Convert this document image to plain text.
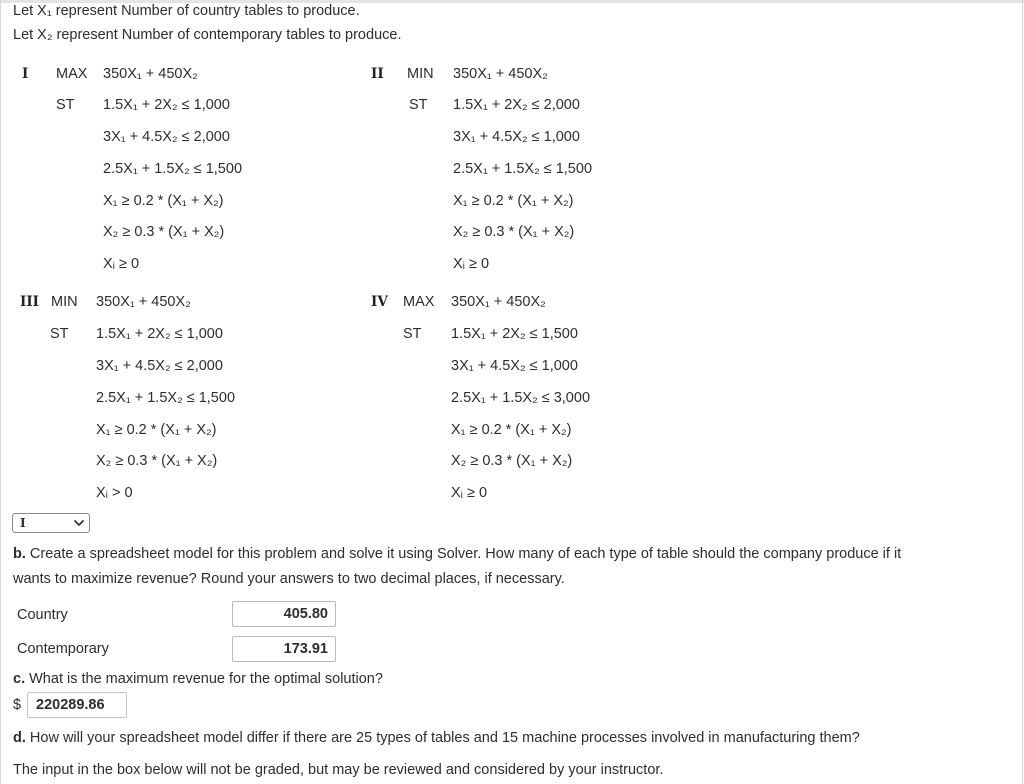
Let X₁ represent Number of country tables to produce.
Let X₂ represent Number of contemporary tables to produce.
I MAX 350X₁ + 450X₂
ST 1.5X₁ + 2X₂ ≤ 1,000
3X₁ + 4.5X₂ ≤ 2,000
2.5X₁ + 1.5X₂ ≤ 1,500
X₁ ≥ 0.2 * (X₁ + X₂)
X₂ ≥ 0.3 * (X₁ + X₂)
Xᵢ ≥ 0
II MIN 350X₁ + 450X₂
ST 1.5X₁ + 2X₂ ≤ 2,000
3X₁ + 4.5X₂ ≤ 1,000
2.5X₁ + 1.5X₂ ≤ 1,500
X₁ ≥ 0.2 * (X₁ + X₂)
X₂ ≥ 0.3 * (X₁ + X₂)
Xᵢ ≥ 0
III MIN 350X₁ + 450X₂
ST 1.5X₁ + 2X₂ ≤ 1,000
3X₁ + 4.5X₂ ≤ 2,000
2.5X₁ + 1.5X₂ ≤ 1,500
X₁ ≥ 0.2 * (X₁ + X₂)
X₂ ≥ 0.3 * (X₁ + X₂)
Xᵢ > 0
IV MAX 350X₁ + 450X₂
ST 1.5X₁ + 2X₂ ≤ 1,500
3X₁ + 4.5X₂ ≤ 1,000
2.5X₁ + 1.5X₂ ≤ 3,000
X₁ ≥ 0.2 * (X₁ + X₂)
X₂ ≥ 0.3 * (X₁ + X₂)
Xᵢ ≥ 0
I
b. Create a spreadsheet model for this problem and solve it using Solver. How many of each type of table should the company produce if it
wants to maximize revenue? Round your answers to two decimal places, if necessary.
Country	405.80
Contemporary	173.91
c. What is the maximum revenue for the optimal solution?
$	220289.86
d. How will your spreadsheet model differ if there are 25 types of tables and 15 machine processes involved in manufacturing them?
The input in the box below will not be graded, but may be reviewed and considered by your instructor.
